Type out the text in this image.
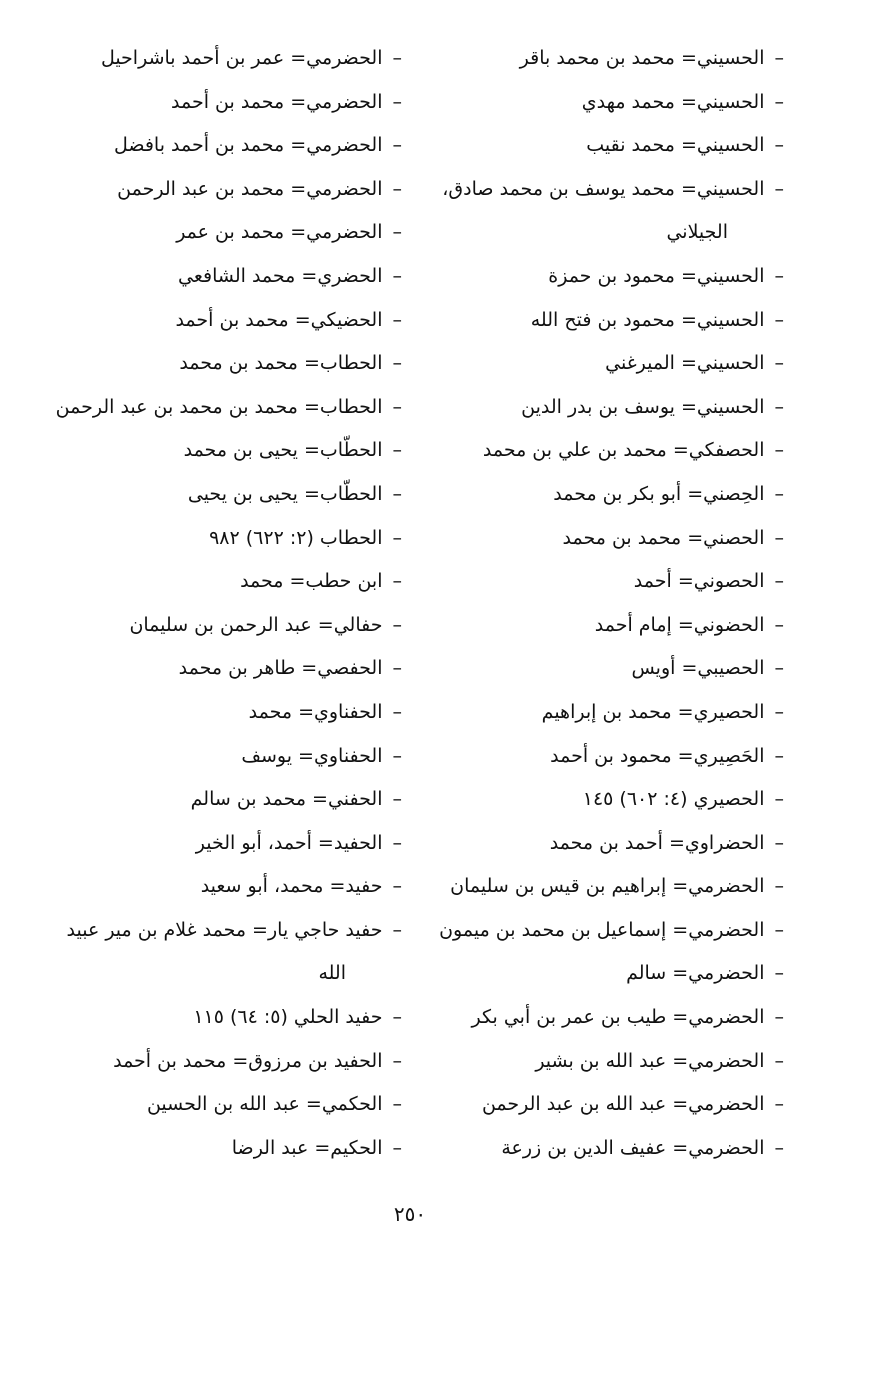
–الحسيني= محمد بن محمد باقر
–الحسيني= محمد مهدي
–الحسيني= محمد نقيب
–الحسيني= محمد يوسف بن محمد صادق،
الجيلاني
–الحسيني= محمود بن حمزة
–الحسيني= محمود بن فتح الله
–الحسيني= الميرغني
–الحسيني= يوسف بن بدر الدين
–الحصفكي= محمد بن علي بن محمد
–الحِصني= أبو بكر بن محمد
–الحصني= محمد بن محمد
–الحصوني= أحمد
–الحضوني= إمام أحمد
–الحصيبي= أويس
–الحصيري= محمد بن إبراهيم
–الحَصِيري= محمود بن أحمد
–الحصيري (٤: ٦٠٢) ١٤٥
–الحضراوي= أحمد بن محمد
–الحضرمي= إبراهيم بن قيس بن سليمان
–الحضرمي= إسماعيل بن محمد بن ميمون
–الحضرمي= سالم
–الحضرمي= طيب بن عمر بن أبي بكر
–الحضرمي= عبد الله بن بشير
–الحضرمي= عبد الله بن عبد الرحمن
–الحضرمي= عفيف الدين بن زرعة
–الحضرمي= عمر بن أحمد باشراحيل
–الحضرمي= محمد بن أحمد
–الحضرمي= محمد بن أحمد بافضل
–الحضرمي= محمد بن عبد الرحمن
–الحضرمي= محمد بن عمر
–الحضري= محمد الشافعي
–الحضيكي= محمد بن أحمد
–الحطاب= محمد بن محمد
–الحطاب= محمد بن محمد بن عبد الرحمن
–الحطّاب= يحيى بن محمد
–الحطّاب= يحيى بن يحيى
–الحطاب (٢: ٦٢٢) ٩٨٢
–ابن حطب= محمد
–حفالي= عبد الرحمن بن سليمان
–الحفصي= طاهر بن محمد
–الحفناوي= محمد
–الحفناوي= يوسف
–الحفني= محمد بن سالم
–الحفيد= أحمد، أبو الخير
–حفيد= محمد، أبو سعيد
–حفيد حاجي يار= محمد غلام بن مير عبيد
الله
–حفيد الحلي (٥: ٦٤) ١١٥
–الحفيد بن مرزوق= محمد بن أحمد
–الحكمي= عبد الله بن الحسين
–الحكيم= عبد الرضا
٢٥٠
